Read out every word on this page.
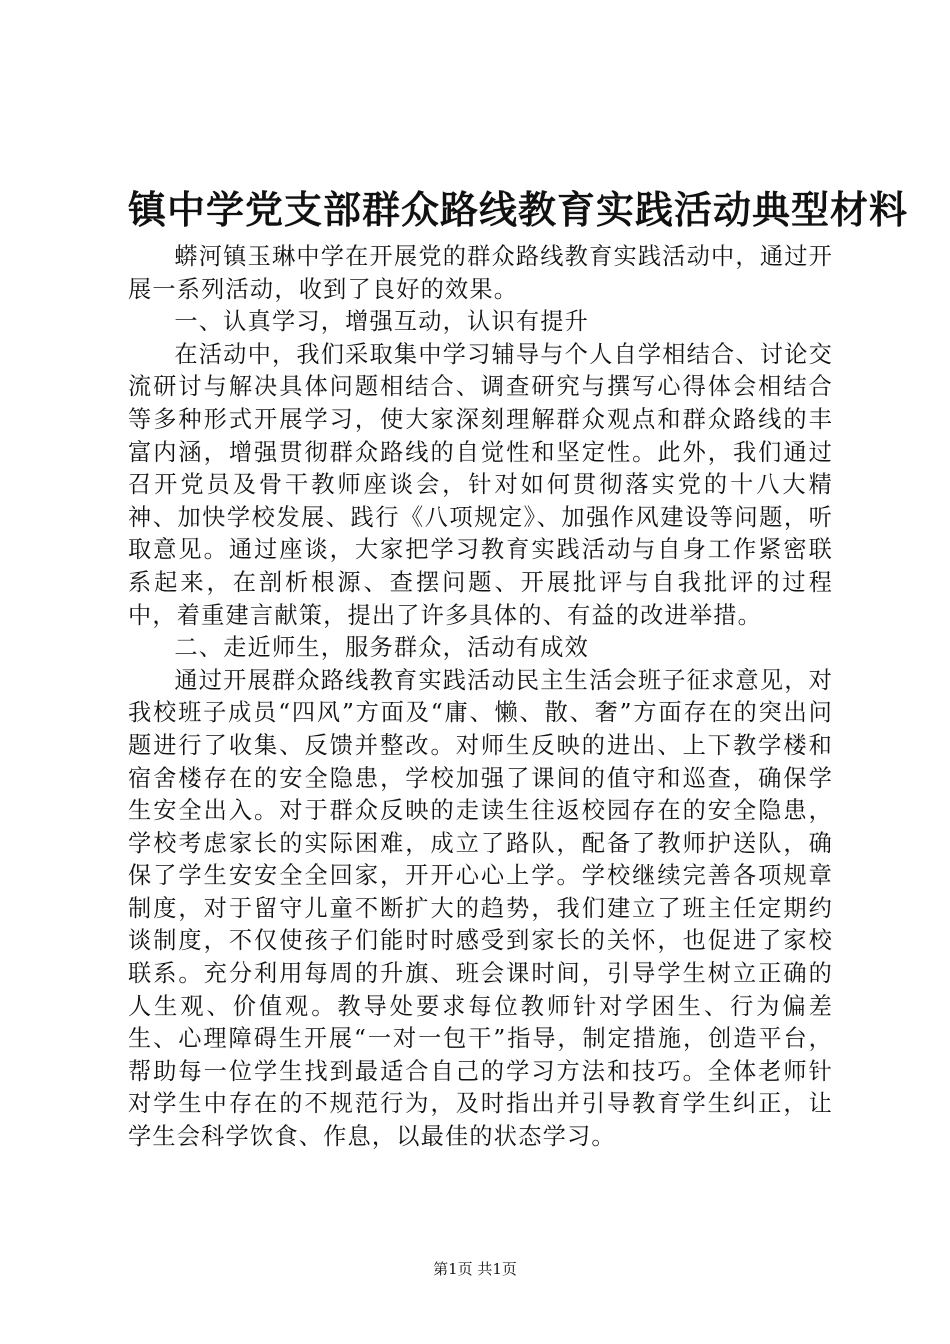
镇中学党支部群众路线教育实践活动典型材料

蟒河镇玉琳中学在开展党的群众路线教育实践活动中，通过开展一系列活动，收到了良好的效果。

一、认真学习，增强互动，认识有提升

在活动中，我们采取集中学习辅导与个人自学相结合、讨论交流研讨与解决具体问题相结合、调查研究与撰写心得体会相结合等多种形式开展学习，使大家深刻理解群众观点和群众路线的丰富内涵，增强贯彻群众路线的自觉性和坚定性。此外，我们通过召开党员及骨干教师座谈会，针对如何贯彻落实党的十八大精神、加快学校发展、践行《八项规定》、加强作风建设等问题，听取意见。通过座谈，大家把学习教育实践活动与自身工作紧密联系起来，在剖析根源、查摆问题、开展批评与自我批评的过程中，着重建言献策，提出了许多具体的、有益的改进举措。

二、走近师生，服务群众，活动有成效

通过开展群众路线教育实践活动民主生活会班子征求意见，对我校班子成员“四风”方面及“庸、懒、散、奢”方面存在的突出问题进行了收集、反馈并整改。对师生反映的进出、上下教学楼和宿舍楼存在的安全隐患，学校加强了课间的值守和巡查，确保学生安全出入。对于群众反映的走读生往返校园存在的安全隐患，学校考虑家长的实际困难，成立了路队，配备了教师护送队，确保了学生安安全全回家，开开心心上学。学校继续完善各项规章制度，对于留守儿童不断扩大的趋势，我们建立了班主任定期约谈制度，不仅使孩子们能时时感受到家长的关怀，也促进了家校联系。充分利用每周的升旗、班会课时间，引导学生树立正确的人生观、价值观。教导处要求每位教师针对学困生、行为偏差生、心理障碍生开展“一对一包干”指导，制定措施，创造平台，帮助每一位学生找到最适合自己的学习方法和技巧。全体老师针对学生中存在的不规范行为，及时指出并引导教育学生纠正，让学生会科学饮食、作息，以最佳的状态学习。

第1页 共1页
